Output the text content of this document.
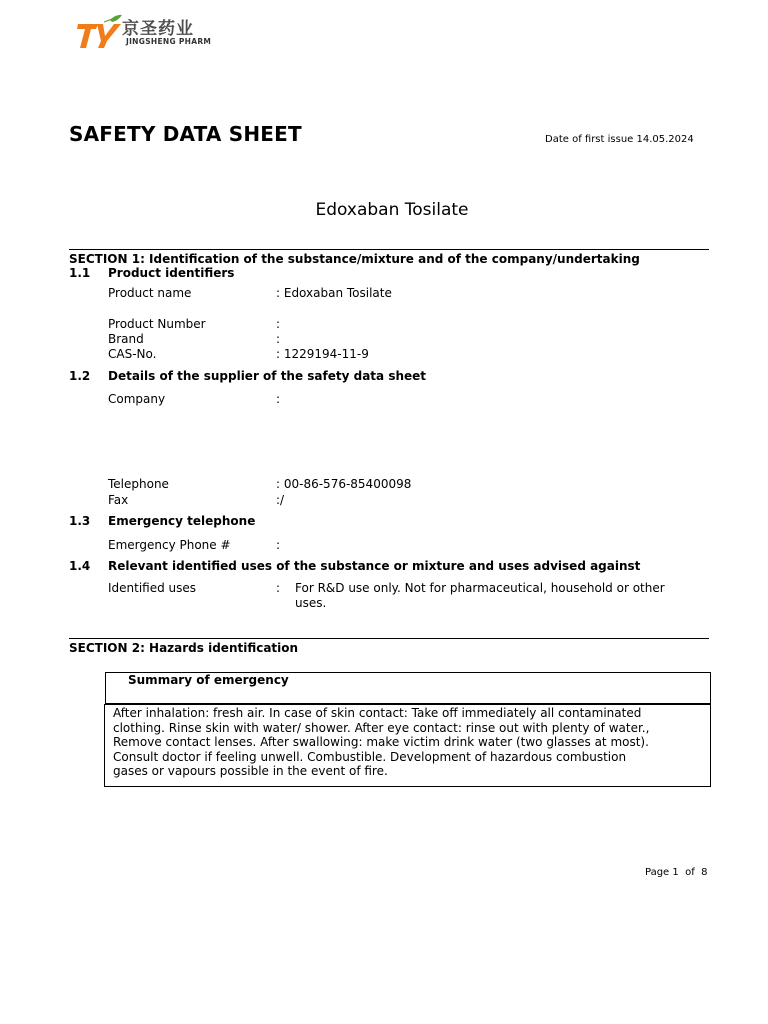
京圣药业
JINGSHENG PHARM
SAFETY DATA SHEET	Date of first issue 14.05.2024
Edoxaban Tosilate
SECTION 1: Identification of the substance/mixture and of the company/undertaking
1.1 Product identifiers
Product name	: Edoxaban Tosilate
Product Number	:
Brand	:
CAS-No.	: 1229194-11-9
1.2 Details of the supplier of the safety data sheet
Company	:
Telephone	: 00-86-576-85400098
Fax	:/
1.3 Emergency telephone
Emergency Phone #	:
1.4 Relevant identified uses of the substance or mixture and uses advised against
Identified uses	: For R&D use only. Not for pharmaceutical, household or other
uses.
SECTION 2: Hazards identification
Summary of emergency
After inhalation: fresh air. In case of skin contact: Take off immediately all contaminated
clothing. Rinse skin with water/ shower. After eye contact: rinse out with plenty of water.,
Remove contact lenses. After swallowing: make victim drink water (two glasses at most).
Consult doctor if feeling unwell. Combustible. Development of hazardous combustion
gases or vapours possible in the event of fire.
Page 1  of  8
